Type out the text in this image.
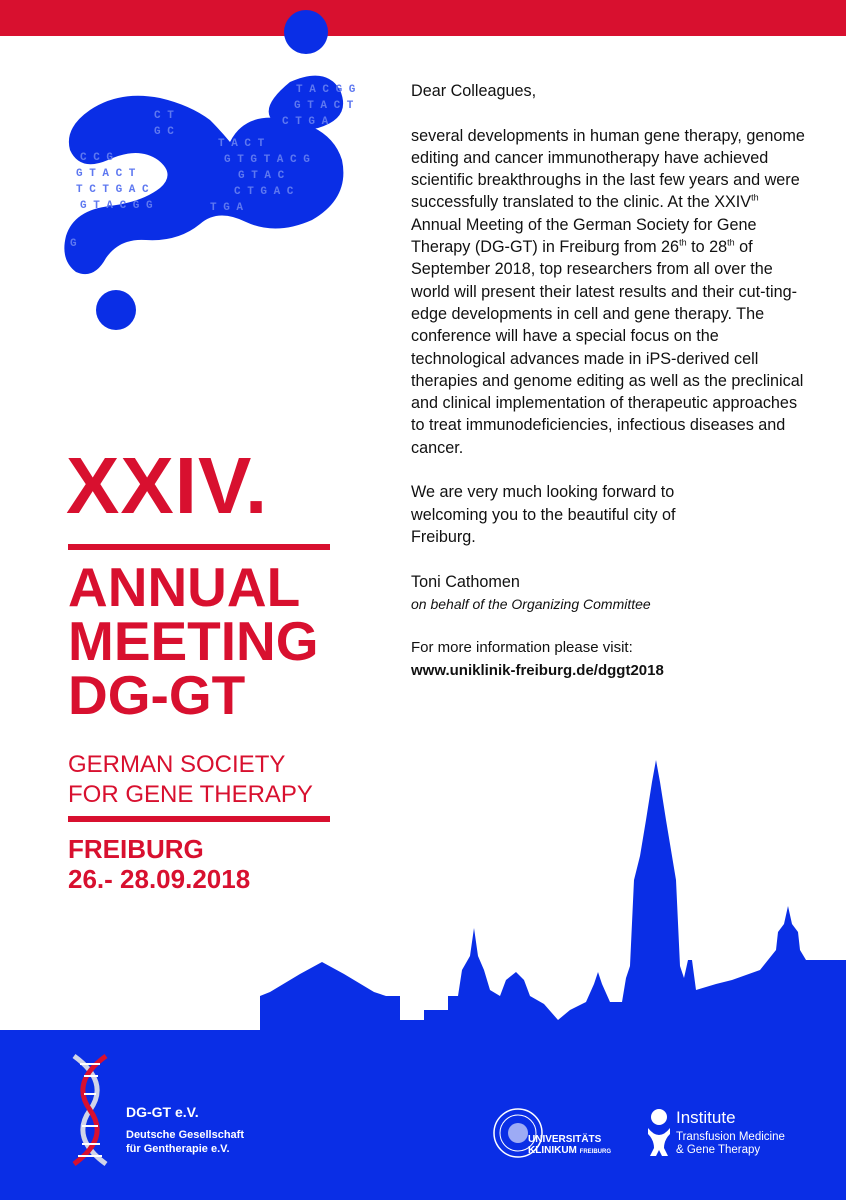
T A C G G
G T A C T
C T G A
C T
G C
C C G
G T A C T
T C T G A C
G T A C G G
T A C T
G T G T A C G
G T A C
C T G A C
T G A
G

Dear Colleagues,

several developments in human gene therapy, genome editing and cancer immunotherapy have achieved scientific breakthroughs in the last few years and were successfully translated to the clinic. At the XXIVth Annual Meeting of the German Society for Gene Therapy (DG-GT) in Freiburg from 26th to 28th of September 2018, top researchers from all over the world will present their latest results and their cut-ting-edge developments in cell and gene therapy. The conference will have a special focus on the technological advances made in iPS-derived cell therapies and genome editing as well as the preclinical and clinical implementation of therapeutic approaches to treat immunodeficiencies, infectious diseases and cancer.

We are very much looking forward to welcoming you to the beautiful city of Freiburg.

Toni Cathomen

on behalf of the Organizing Committee

For more information please visit:

www.uniklinik-freiburg.de/dggt2018

XXIV.
ANNUAL
MEETING
DG-GT
GERMAN SOCIETY
FOR GENE THERAPY
FREIBURG
26.- 28.09.2018
DG-GT e.V.
Deutsche Gesellschaft
für Gentherapie e.V.
UNIVERSITÄTS
KLINIKUM FREIBURG
Institute
Transfusion Medicine
& Gene Therapy
